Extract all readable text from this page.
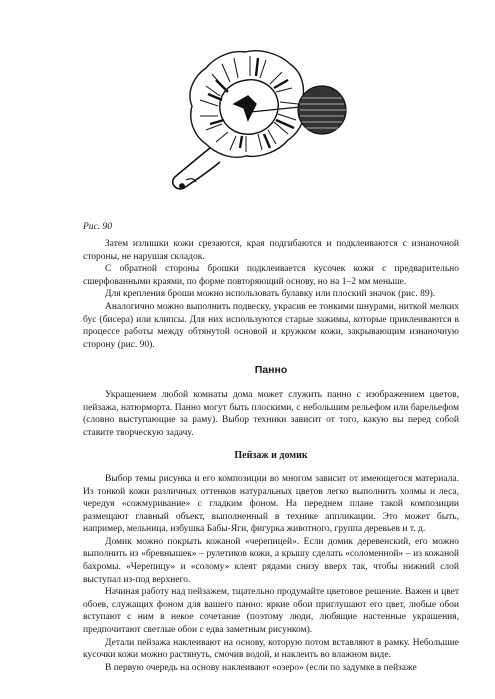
Рис. 90

Затем излишки кожи срезаются, края подгибаются и подклеиваются с изнаночной стороны, не нарушая складок.

С обратной стороны брошки подклеивается кусочек кожи с предварительно сшерфованными краями, по форме повторяющий основу, но на 1–2 мм меньше.

Для крепления броши можно использовать булавку или плоский значок (рис. 89).

Аналогично можно выполнить подвеску, украсив ее тонкими шнурами, ниткой мелких бус (бисера) или клипсы. Для них используются старые зажимы, которые приклеиваются в процессе работы между обтянутой основой и кружком кожи, закрывающим изнаночную сторону (рис. 90).

Панно

Украшением любой комнаты дома может служить панно с изображением цветов, пейзажа, натюрморта. Панно могут быть плоскими, с небольшим рельефом или барельефом (словно выступающие за раму). Выбор техники зависит от того, какую вы перед собой ставите творческую задачу.

Пейзаж и домик

Выбор темы рисунка и его композиции во многом зависит от имеющегося материала. Из тонкой кожи различных оттенков натуральных цветов легко выполнить холмы и леса, чередуя «сожмуривание» с гладким фоном. На переднем плане такой композиции размещают главный объект, выполненный в технике аппликации. Это может быть, например, мельница, избушка Бабы-Яги, фигурка животного, группа деревьев и т. д.

Домик можно покрыть кожаной «черепицей». Если домик деревенский, его можно выполнить из «бревнышек» – рулетиков кожи, а крышу сделать «соломенной» – из кожаной бахромы. «Черепицу» и «солому» клеят рядами снизу вверх так, чтобы нижний слой выступал из-под верхнего.

Начиная работу над пейзажем, тщательно продумайте цветовое решение. Важен и цвет обоев, служащих фоном для вашего панно: яркие обои приглушают его цвет, любые обои вступают с ним в некое сочетание (поэтому люди, любящие настенные украшения, предпочитают светлые обои с едва заметным рисунком).

Детали пейзажа наклеивают на основу, которую потом вставляют в рамку. Небольшие кусочки кожи можно растянуть, смочив водой, и наклеить во влажном виде.

В первую очередь на основу наклеивают «озеро» (если по задумке в пейзаже
